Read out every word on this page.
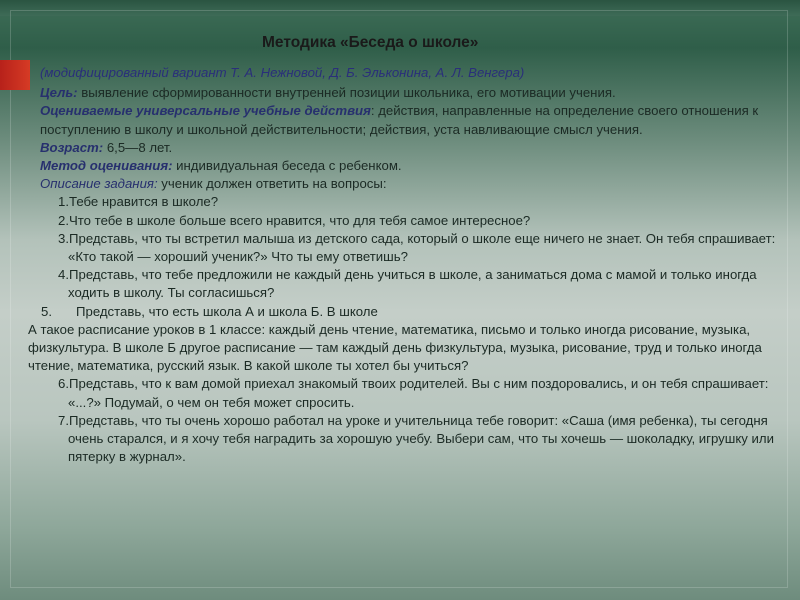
Методика «Беседа о школе»

(модифицированный вариант Т. А. Нежновой, Д. Б. Эльконина, А. Л. Венгера)

Цель: выявление сформированности внутренней позиции школьника, его мотивации учения.

Оцениваемые универсальные учебные действия: действия, направленные на определение своего отношения к поступлению в школу и школьной действительности; действия, уста навливающие смысл учения.

Возраст: 6,5—8 лет.

Метод оценивания: индивидуальная беседа с ребенком.

Описание задания: ученик должен ответить на вопросы:

1.Тебе нравится в школе?

2.Что тебе в школе больше всего нравится, что для тебя самое интересное?

3.Представь, что ты встретил малыша из детского сада, который о школе еще ничего не знает. Он тебя спрашивает: «Кто такой — хороший ученик?» Что ты ему ответишь?

4.Представь, что тебе предложили не каждый день учиться в школе, а заниматься дома с мамой и только иногда ходить в школу. Ты согласишься?

5. Представь, что есть школа А и школа Б. В школе

А такое расписание уроков в 1 классе: каждый день чтение, математика, письмо и только иногда рисование, музыка,

физкультура. В школе Б другое расписание — там каждый день физкультура, музыка, рисование, труд и только иногда чтение, математика, русский язык. В какой школе ты хотел бы учиться?

6.Представь, что к вам домой приехал знакомый твоих родителей. Вы с ним поздоровались, и он тебя спрашивает: «...?» Подумай, о чем он тебя может спросить.

7.Представь, что ты очень хорошо работал на уроке и учительница тебе говорит: «Саша (имя ребенка), ты сегодня очень старался, и я хочу тебя наградить за хорошую учебу. Выбери сам, что ты хочешь — шоколадку, игрушку или пятерку в журнал».
